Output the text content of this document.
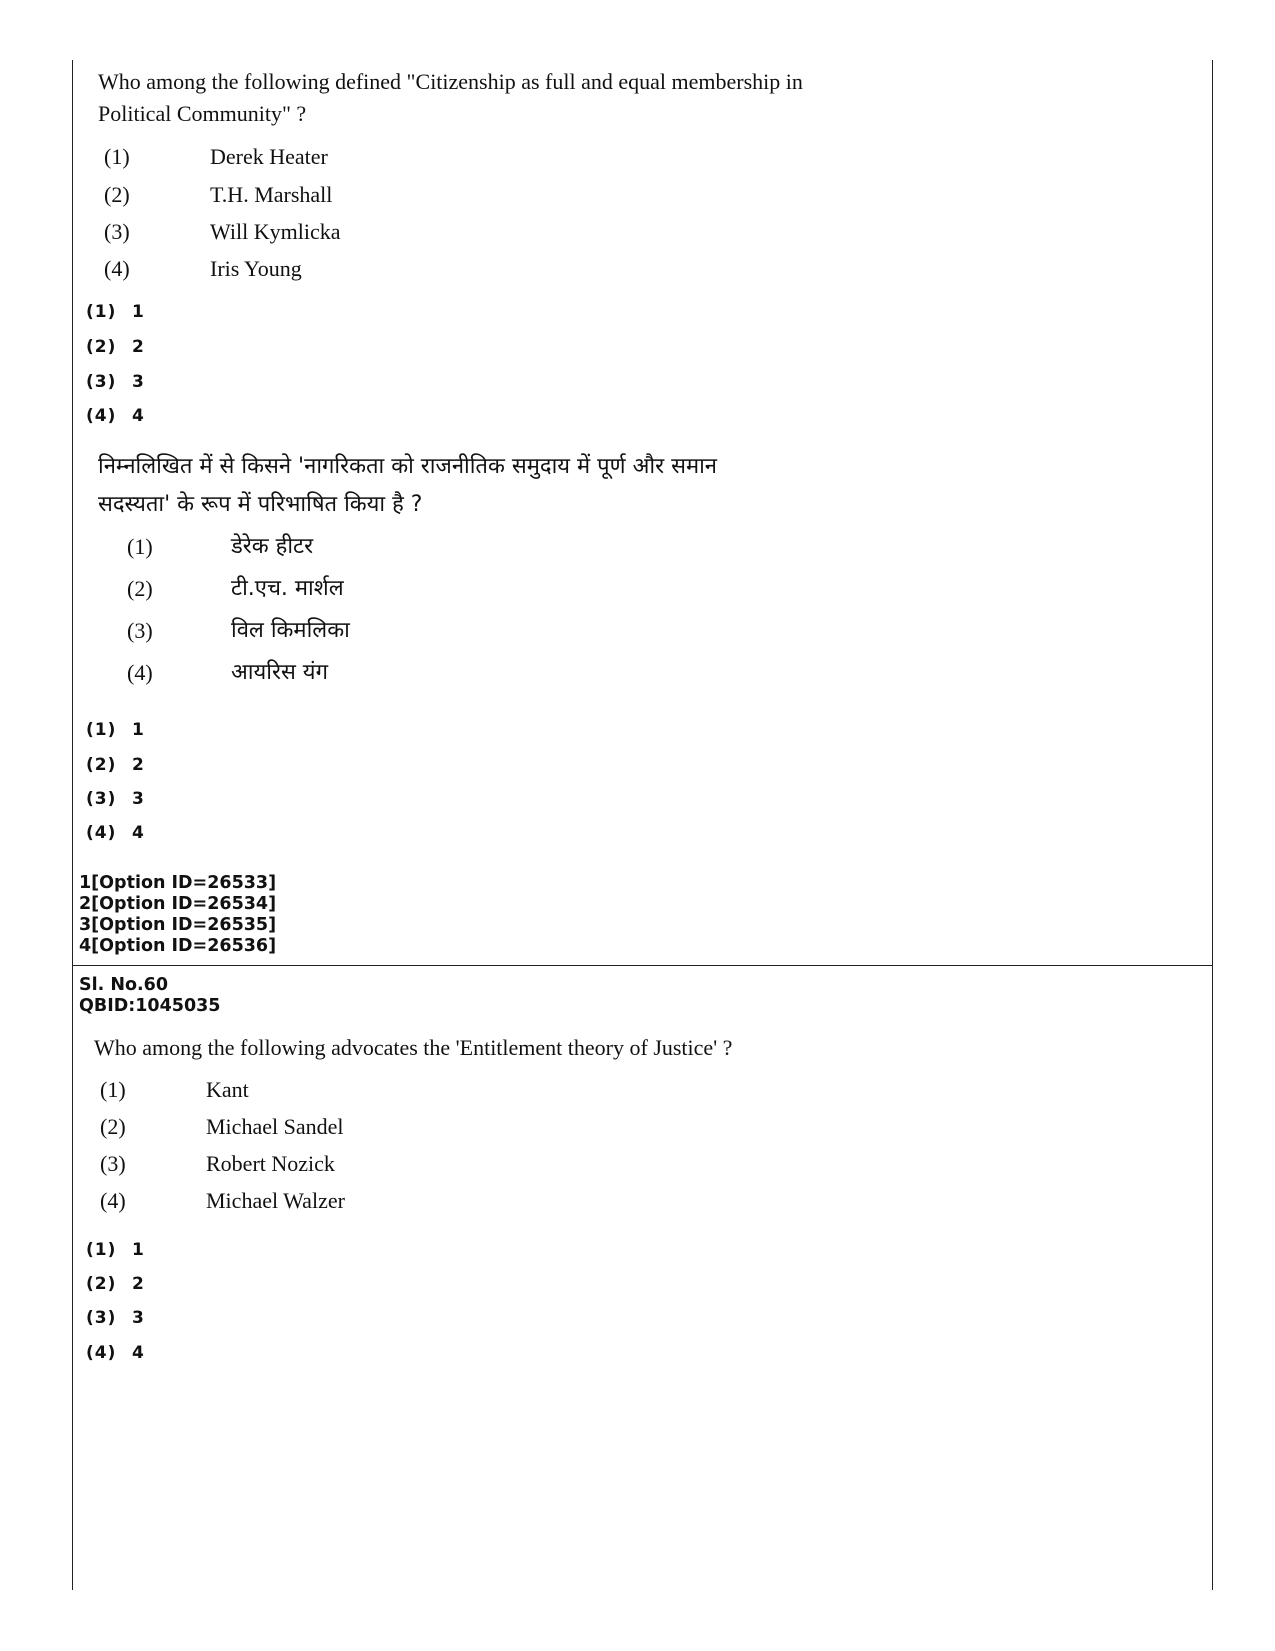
Who among the following defined "Citizenship as full and equal membership in
Political Community" ?
(1)	Derek Heater
(2)	T.H. Marshall
(3)	Will Kymlicka
(4)	Iris Young
(1) 1
(2) 2
(3) 3
(4) 4
निम्नलिखित में से किसने 'नागरिकता को राजनीतिक समुदाय में पूर्ण और समान
सदस्यता' के रूप में परिभाषित किया है ?
(1)	डेरेक हीटर
(2)	टी.एच. मार्शल
(3)	विल किमलिका
(4)	आयरिस यंग
(1) 1
(2) 2
(3) 3
(4) 4
1[Option ID=26533]
2[Option ID=26534]
3[Option ID=26535]
4[Option ID=26536]
Sl. No.60
QBID:1045035
Who among the following advocates the 'Entitlement theory of Justice' ?
(1)	Kant
(2)	Michael Sandel
(3)	Robert Nozick
(4)	Michael Walzer
(1) 1
(2) 2
(3) 3
(4) 4
